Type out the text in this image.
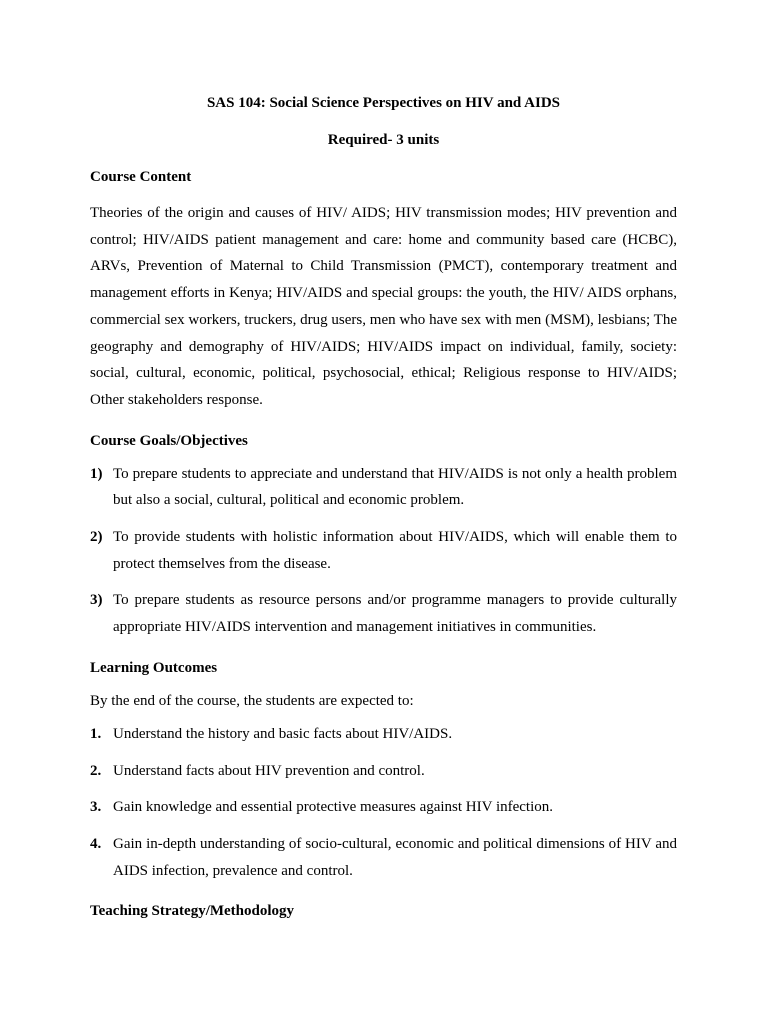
SAS 104: Social Science Perspectives on HIV and AIDS

Required- 3 units

Course Content

Theories of the origin and causes of HIV/ AIDS; HIV transmission modes; HIV prevention and control; HIV/AIDS patient management and care: home and community based care (HCBC), ARVs, Prevention of Maternal to Child Transmission (PMCT), contemporary treatment and management efforts in Kenya; HIV/AIDS and special groups: the youth, the HIV/ AIDS orphans, commercial sex workers, truckers, drug users, men who have sex with men (MSM), lesbians; The geography and demography of HIV/AIDS; HIV/AIDS impact on individual, family, society: social, cultural, economic, political, psychosocial, ethical; Religious response to HIV/AIDS; Other stakeholders response.

Course Goals/Objectives

1) To prepare students to appreciate and understand that HIV/AIDS is not only a health problem but also a social, cultural, political and economic problem.
2) To provide students with holistic information about HIV/AIDS, which will enable them to protect themselves from the disease.
3) To prepare students as resource persons and/or programme managers to provide culturally appropriate HIV/AIDS intervention and management initiatives in communities.

Learning Outcomes

By the end of the course, the students are expected to:

1. Understand the history and basic facts about HIV/AIDS.
2. Understand facts about HIV prevention and control.
3. Gain knowledge and essential protective measures against HIV infection.
4. Gain in-depth understanding of socio-cultural, economic and political dimensions of HIV and AIDS infection, prevalence and control.

Teaching Strategy/Methodology
